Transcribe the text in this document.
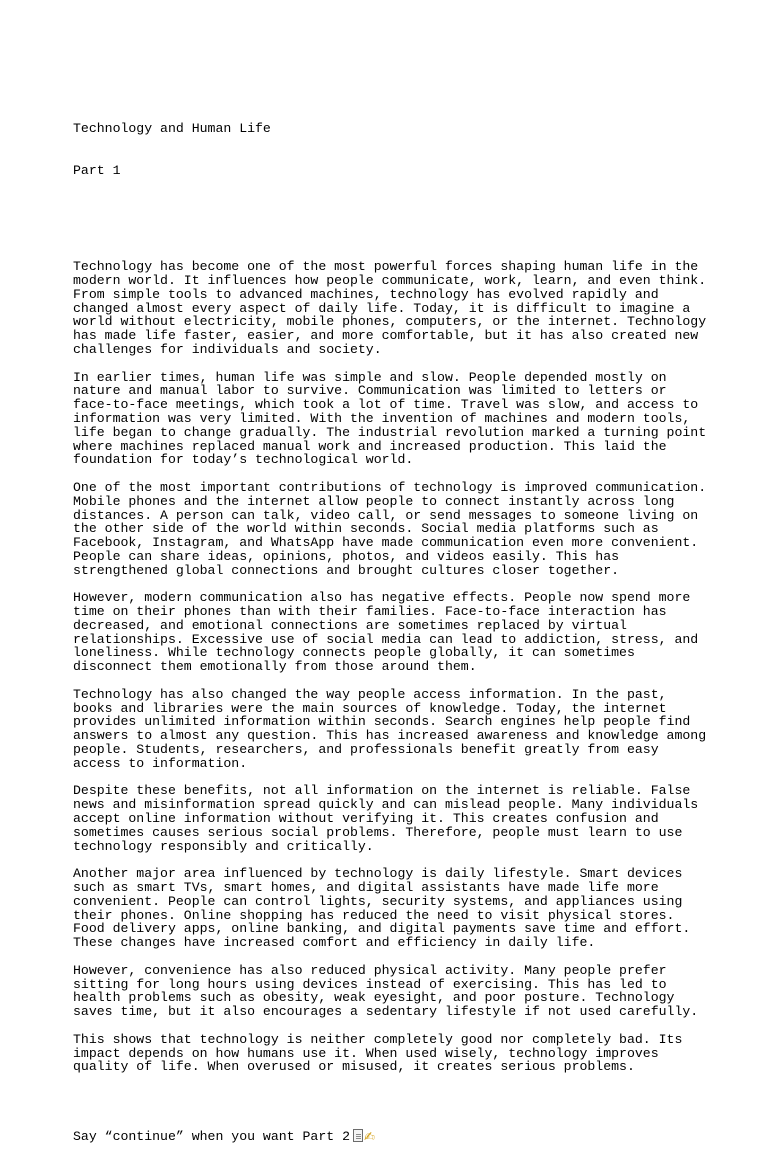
Technology and Human Life

Part 1

Technology has become one of the most powerful forces shaping human life in the
modern world. It influences how people communicate, work, learn, and even think.
From simple tools to advanced machines, technology has evolved rapidly and
changed almost every aspect of daily life. Today, it is difficult to imagine a
world without electricity, mobile phones, computers, or the internet. Technology
has made life faster, easier, and more comfortable, but it has also created new
challenges for individuals and society.
In earlier times, human life was simple and slow. People depended mostly on
nature and manual labor to survive. Communication was limited to letters or
face-to-face meetings, which took a lot of time. Travel was slow, and access to
information was very limited. With the invention of machines and modern tools,
life began to change gradually. The industrial revolution marked a turning point
where machines replaced manual work and increased production. This laid the
foundation for today’s technological world.
One of the most important contributions of technology is improved communication.
Mobile phones and the internet allow people to connect instantly across long
distances. A person can talk, video call, or send messages to someone living on
the other side of the world within seconds. Social media platforms such as
Facebook, Instagram, and WhatsApp have made communication even more convenient.
People can share ideas, opinions, photos, and videos easily. This has
strengthened global connections and brought cultures closer together.
However, modern communication also has negative effects. People now spend more
time on their phones than with their families. Face-to-face interaction has
decreased, and emotional connections are sometimes replaced by virtual
relationships. Excessive use of social media can lead to addiction, stress, and
loneliness. While technology connects people globally, it can sometimes
disconnect them emotionally from those around them.
Technology has also changed the way people access information. In the past,
books and libraries were the main sources of knowledge. Today, the internet
provides unlimited information within seconds. Search engines help people find
answers to almost any question. This has increased awareness and knowledge among
people. Students, researchers, and professionals benefit greatly from easy
access to information.
Despite these benefits, not all information on the internet is reliable. False
news and misinformation spread quickly and can mislead people. Many individuals
accept online information without verifying it. This creates confusion and
sometimes causes serious social problems. Therefore, people must learn to use
technology responsibly and critically.
Another major area influenced by technology is daily lifestyle. Smart devices
such as smart TVs, smart homes, and digital assistants have made life more
convenient. People can control lights, security systems, and appliances using
their phones. Online shopping has reduced the need to visit physical stores.
Food delivery apps, online banking, and digital payments save time and effort.
These changes have increased comfort and efficiency in daily life.
However, convenience has also reduced physical activity. Many people prefer
sitting for long hours using devices instead of exercising. This has led to
health problems such as obesity, weak eyesight, and poor posture. Technology
saves time, but it also encourages a sedentary lifestyle if not used carefully.
This shows that technology is neither completely good nor completely bad. Its
impact depends on how humans use it. When used wisely, technology improves
quality of life. When overused or misused, it creates serious problems.

Say “continue” when you want Part 2 ✍
